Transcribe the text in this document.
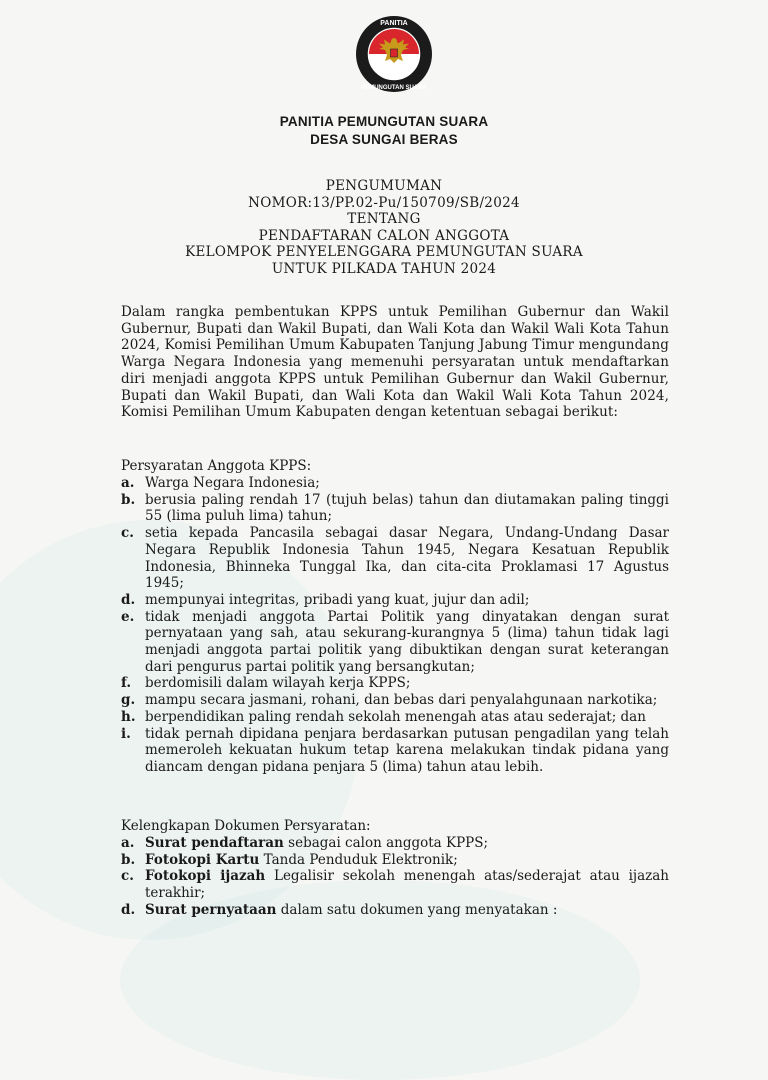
PANITIA
PEMUNGUTAN SUARA
PANITIA PEMUNGUTAN SUARA
DESA SUNGAI BERAS
PENGUMUMAN
NOMOR:13/PP.02-Pu/150709/SB/2024
TENTANG
PENDAFTARAN CALON ANGGOTA
KELOMPOK PENYELENGGARA PEMUNGUTAN SUARA
UNTUK PILKADA TAHUN 2024
Dalam rangka pembentukan KPPS untuk Pemilihan Gubernur dan Wakil Gubernur, Bupati dan Wakil Bupati, dan Wali Kota dan Wakil Wali Kota Tahun 2024, Komisi Pemilihan Umum Kabupaten Tanjung Jabung Timur mengundang Warga Negara Indonesia yang memenuhi persyaratan untuk mendaftarkan diri menjadi anggota KPPS untuk Pemilihan Gubernur dan Wakil Gubernur, Bupati dan Wakil Bupati, dan Wali Kota dan Wakil Wali Kota Tahun 2024, Komisi Pemilihan Umum Kabupaten dengan ketentuan sebagai berikut:
Persyaratan Anggota KPPS:
a. Warga Negara Indonesia;
b. berusia paling rendah 17 (tujuh belas) tahun dan diutamakan paling tinggi 55 (lima puluh lima) tahun;
c. setia kepada Pancasila sebagai dasar Negara, Undang-Undang Dasar Negara Republik Indonesia Tahun 1945, Negara Kesatuan Republik Indonesia, Bhinneka Tunggal Ika, dan cita-cita Proklamasi 17 Agustus 1945;
d. mempunyai integritas, pribadi yang kuat, jujur dan adil;
e. tidak menjadi anggota Partai Politik yang dinyatakan dengan surat pernyataan yang sah, atau sekurang-kurangnya 5 (lima) tahun tidak lagi menjadi anggota partai politik yang dibuktikan dengan surat keterangan dari pengurus partai politik yang bersangkutan;
f.	berdomisili dalam wilayah kerja KPPS;
g. mampu secara jasmani, rohani, dan bebas dari penyalahgunaan narkotika;
h. berpendidikan paling rendah sekolah menengah atas atau sederajat; dan
i.	tidak pernah dipidana penjara berdasarkan putusan pengadilan yang telah memeroleh kekuatan hukum tetap karena melakukan tindak pidana yang diancam dengan pidana penjara 5 (lima) tahun atau lebih.
Kelengkapan Dokumen Persyaratan:
a. Surat pendaftaran sebagai calon anggota KPPS;
b. Fotokopi Kartu Tanda Penduduk Elektronik;
c. Fotokopi ijazah Legalisir sekolah menengah atas/sederajat atau ijazah terakhir;
d. Surat pernyataan dalam satu dokumen yang menyatakan :
